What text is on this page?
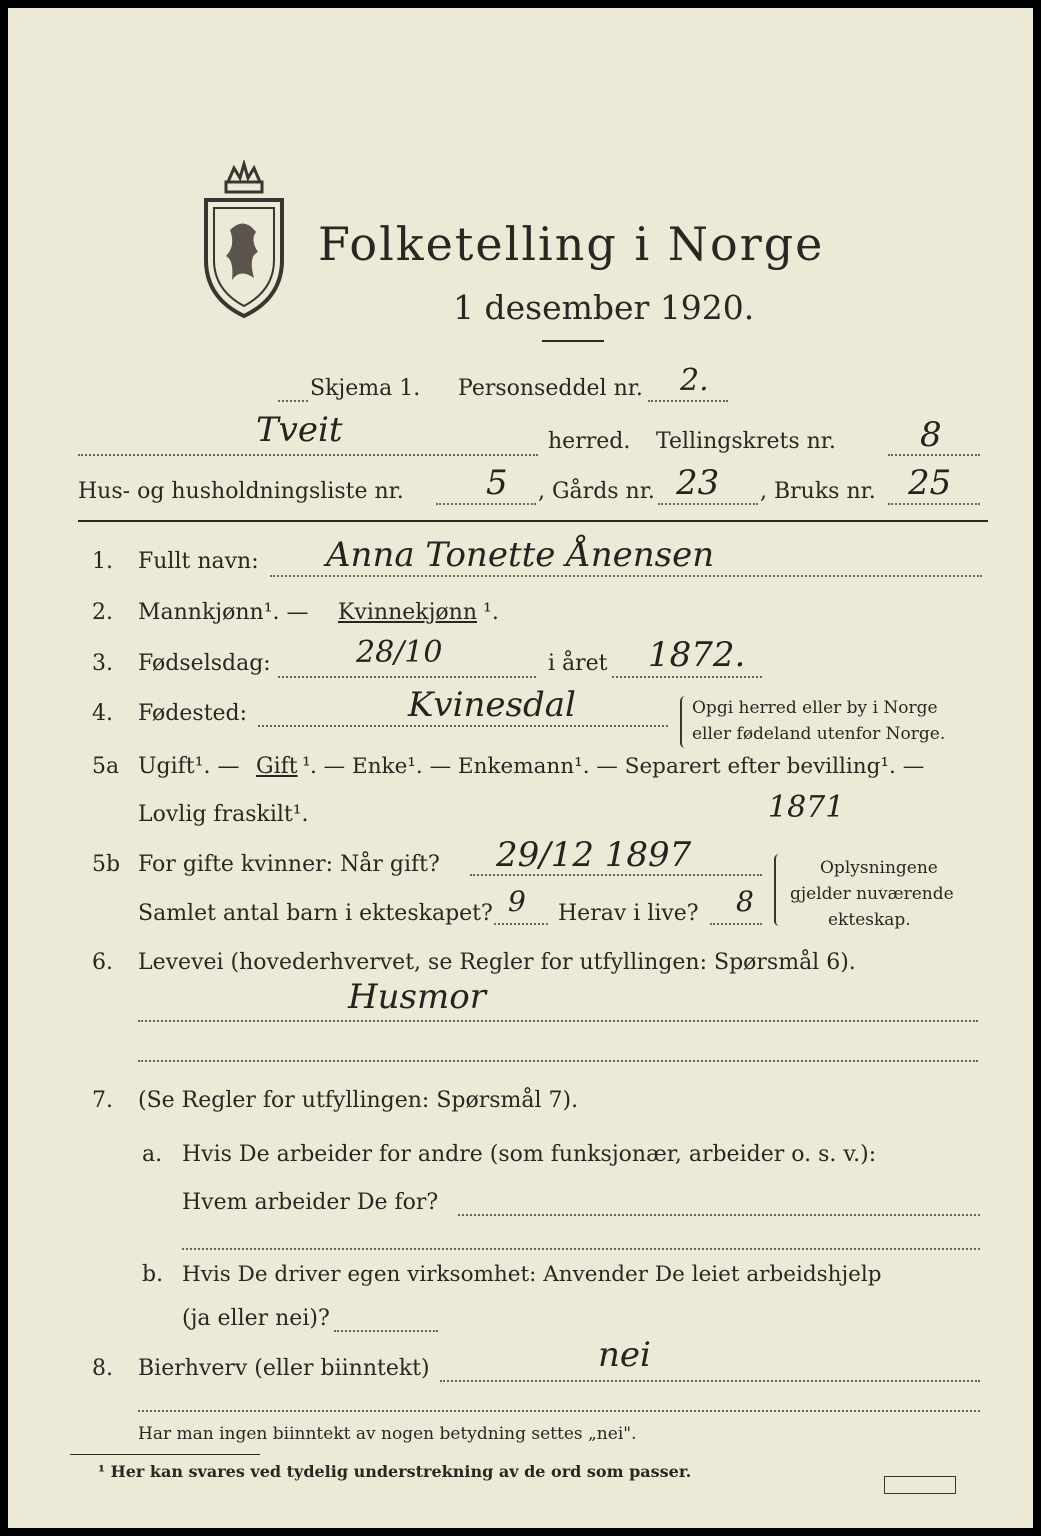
Folketelling i Norge
1 desember 1920.
Skjema 1. Personseddel nr. 2.
Tveit	herred. Tellingskrets nr. 8
Hus- og husholdningsliste nr. 5 , Gårds nr. 23 , Bruks nr. 25
1. Fullt navn: Anna Tonette Ånensen
2. Mannkjønn¹. — Kvinnekjønn ¹.
3. Fødselsdag:	28/10	i året 1872.
4. Fødested:	Kvinesdal	Opgi herred eller by i Norge
eller fødeland utenfor Norge.
5a Ugift¹. — Gift ¹ . — Enke¹. — Enkemann¹. — Separert efter bevilling¹. —
Lovlig fraskilt¹.	1871
5b For gifte kvinner: Når gift? 29/12 1897
Samlet antal barn i ekteskapet? 9 Herav i live? 8
Oplysningene
gjelder nuværende
ekteskap.
6. Levevei (hovederhvervet, se Regler for utfyllingen: Spørsmål 6).
Husmor
7. (Se Regler for utfyllingen: Spørsmål 7).
a. Hvis De arbeider for andre (som funksjonær, arbeider o. s. v.):
Hvem arbeider De for?
b. Hvis De driver egen virksomhet: Anvender De leiet arbeidshjelp
(ja eller nei)?
8. Bierhverv (eller biinntekt)	nei
Har man ingen biinntekt av nogen betydning settes „nei".
¹ Her kan svares ved tydelig understrekning av de ord som passer.
